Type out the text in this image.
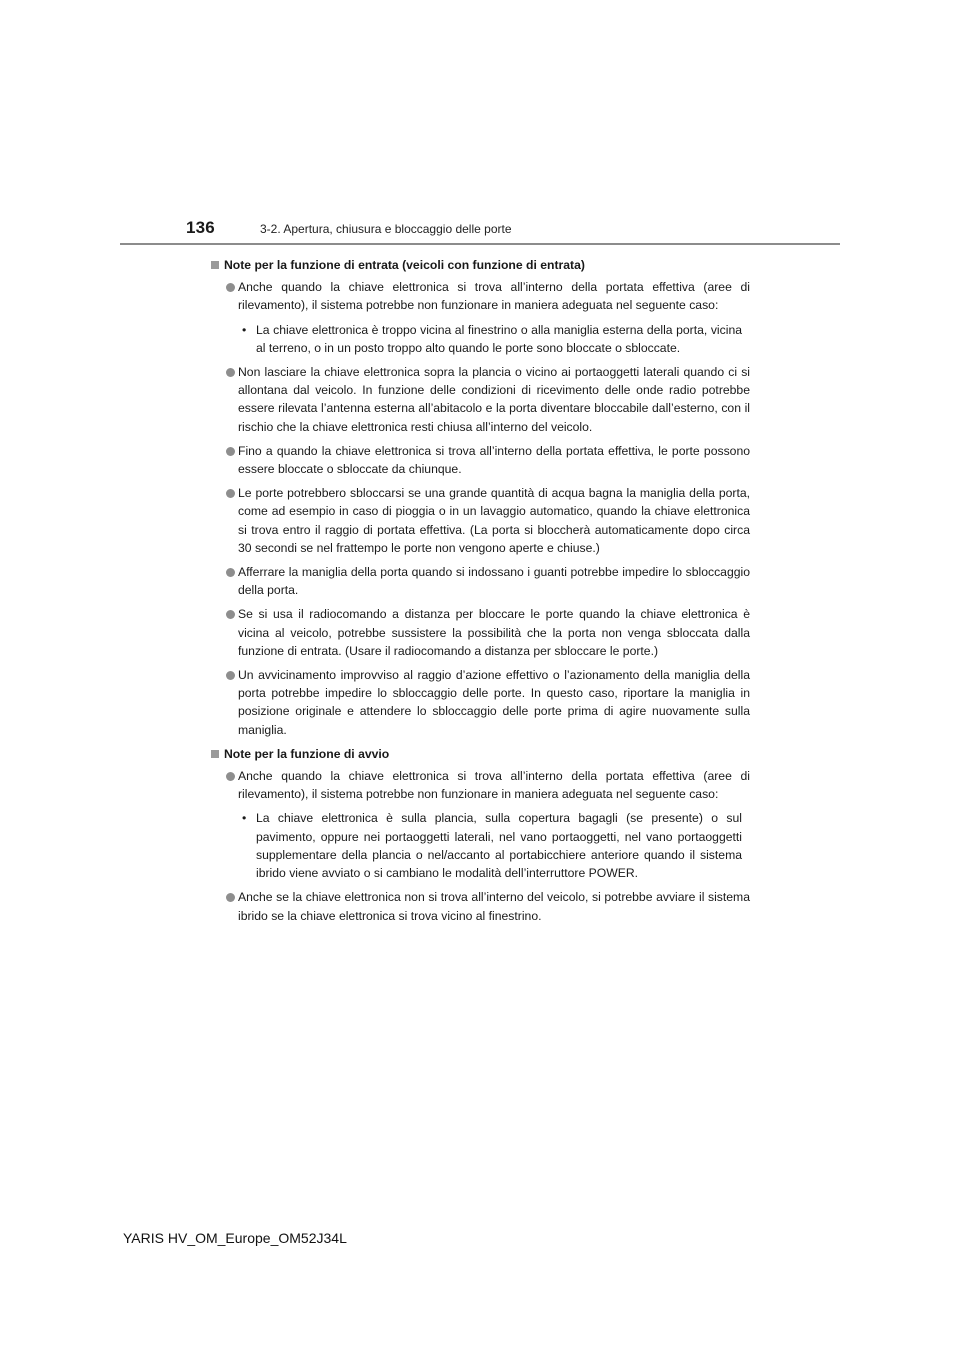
136	3-2. Apertura, chiusura e bloccaggio delle porte
Note per la funzione di entrata (veicoli con funzione di entrata)
Anche quando la chiave elettronica si trova all’interno della portata effettiva (aree di rilevamento), il sistema potrebbe non funzionare in maniera adeguata nel seguente caso:
• La chiave elettronica è troppo vicina al finestrino o alla maniglia esterna della porta, vicina al terreno, o in un posto troppo alto quando le porte sono bloccate o sbloccate.
Non lasciare la chiave elettronica sopra la plancia o vicino ai portaoggetti laterali quando ci si allontana dal veicolo. In funzione delle condizioni di ricevimento delle onde radio potrebbe essere rilevata l’antenna esterna all’abitacolo e la porta diventare bloccabile dall’esterno, con il rischio che la chiave elettronica resti chiusa all’interno del veicolo.
Fino a quando la chiave elettronica si trova all’interno della portata effettiva, le porte possono essere bloccate o sbloccate da chiunque.
Le porte potrebbero sbloccarsi se una grande quantità di acqua bagna la maniglia della porta, come ad esempio in caso di pioggia o in un lavaggio automatico, quando la chiave elettronica si trova entro il raggio di portata effettiva. (La porta si bloccherà automaticamente dopo circa 30 secondi se nel frattempo le porte non vengono aperte e chiuse.)
Afferrare la maniglia della porta quando si indossano i guanti potrebbe impedire lo sbloccaggio della porta.
Se si usa il radiocomando a distanza per bloccare le porte quando la chiave elettronica è vicina al veicolo, potrebbe sussistere la possibilità che la porta non venga sbloccata dalla funzione di entrata. (Usare il radiocomando a distanza per sbloccare le porte.)
Un avvicinamento improvviso al raggio d’azione effettivo o l’azionamento della maniglia della porta potrebbe impedire lo sbloccaggio delle porte. In questo caso, riportare la maniglia in posizione originale e attendere lo sbloccaggio delle porte prima di agire nuovamente sulla maniglia.
Note per la funzione di avvio
Anche quando la chiave elettronica si trova all’interno della portata effettiva (aree di rilevamento), il sistema potrebbe non funzionare in maniera adeguata nel seguente caso:
• La chiave elettronica è sulla plancia, sulla copertura bagagli (se presente) o sul pavimento, oppure nei portaoggetti laterali, nel vano portaoggetti, nel vano portaoggetti supplementare della plancia o nel/accanto al portabicchiere anteriore quando il sistema ibrido viene avviato o si cambiano le modalità dell’interruttore POWER.
Anche se la chiave elettronica non si trova all’interno del veicolo, si potrebbe avviare il sistema ibrido se la chiave elettronica si trova vicino al finestrino.
YARIS HV_OM_Europe_OM52J34L
